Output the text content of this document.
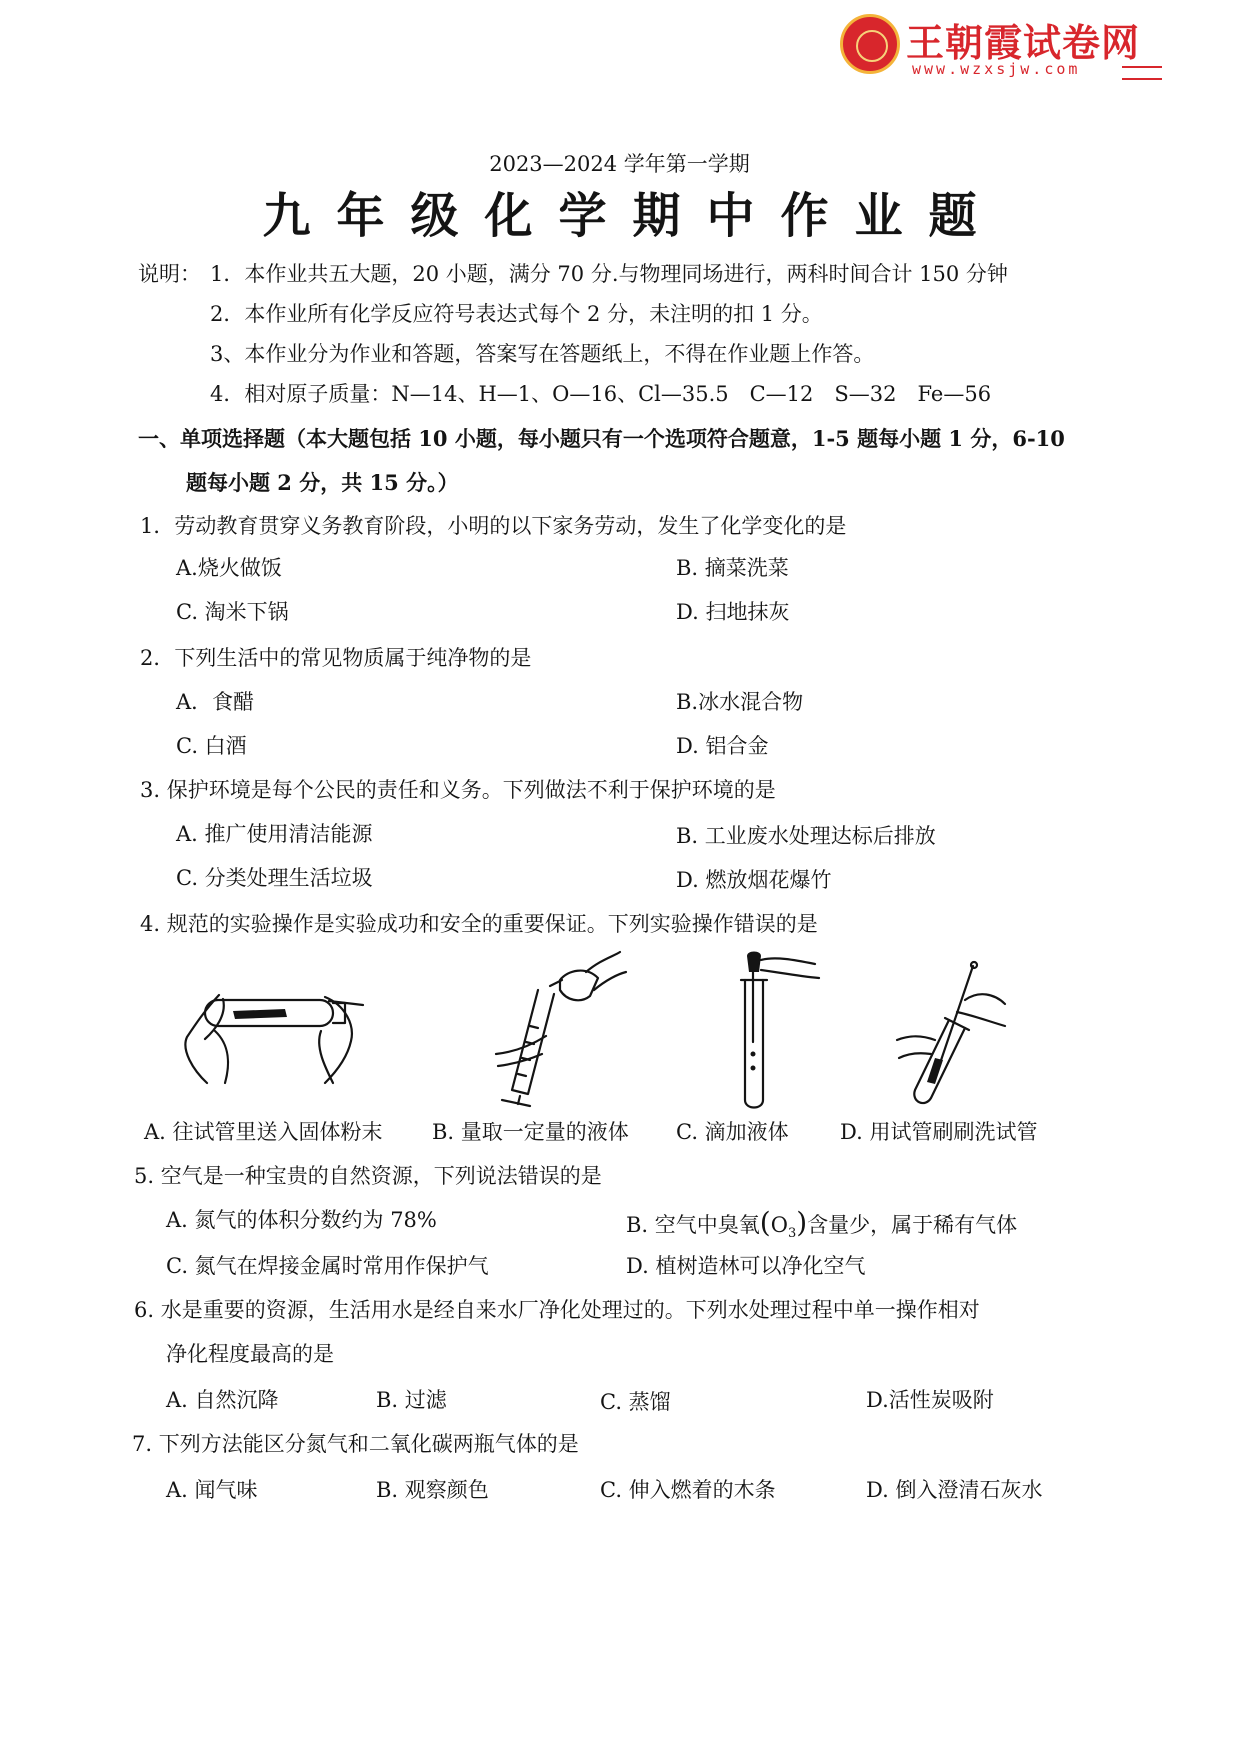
王朝霞试卷网
www.wzxsjw.com
2023—2024 学年第一学期
九年级化学期中作业题
说明： 1．本作业共五大题，20 小题，满分 70 分.与物理同场进行，两科时间合计 150 分钟
2．本作业所有化学反应符号表达式每个 2 分，未注明的扣 1 分。
3、本作业分为作业和答题，答案写在答题纸上，不得在作业题上作答。
4．相对原子质量：N—14、H—1、O—16、Cl—35.5　C—12　S—32　Fe—56
一、单项选择题（本大题包括 10 小题，每小题只有一个选项符合题意，1-5 题每小题 1 分，6-10
题每小题 2 分，共 15 分。）
1．劳动教育贯穿义务教育阶段，小明的以下家务劳动，发生了化学变化的是
A.烧火做饭	B. 摘菜洗菜
C. 淘米下锅	D. 扫地抹灰
2．下列生活中的常见物质属于纯净物的是
A．食醋	B.冰水混合物
C. 白酒	D. 铝合金
3. 保护环境是每个公民的责任和义务。下列做法不利于保护环境的是
A. 推广使用清洁能源	B. 工业废水处理达标后排放
C. 分类处理生活垃圾	D. 燃放烟花爆竹
4. 规范的实验操作是实验成功和安全的重要保证。下列实验操作错误的是
A. 往试管里送入固体粉末 B. 量取一定量的液体 C. 滴加液体 D. 用试管刷刷洗试管
5. 空气是一种宝贵的自然资源，下列说法错误的是
A. 氮气的体积分数约为 78%	B. 空气中臭氧$(O_3)$含量少，属于稀有气体
C. 氮气在焊接金属时常用作保护气	D. 植树造林可以净化空气
6. 水是重要的资源，生活用水是经自来水厂净化处理过的。下列水处理过程中单一操作相对
净化程度最高的是
A. 自然沉降	B. 过滤	C. 蒸馏	D.活性炭吸附
7. 下列方法能区分氮气和二氧化碳两瓶气体的是
A. 闻气味	B. 观察颜色	C. 伸入燃着的木条	D. 倒入澄清石灰水
